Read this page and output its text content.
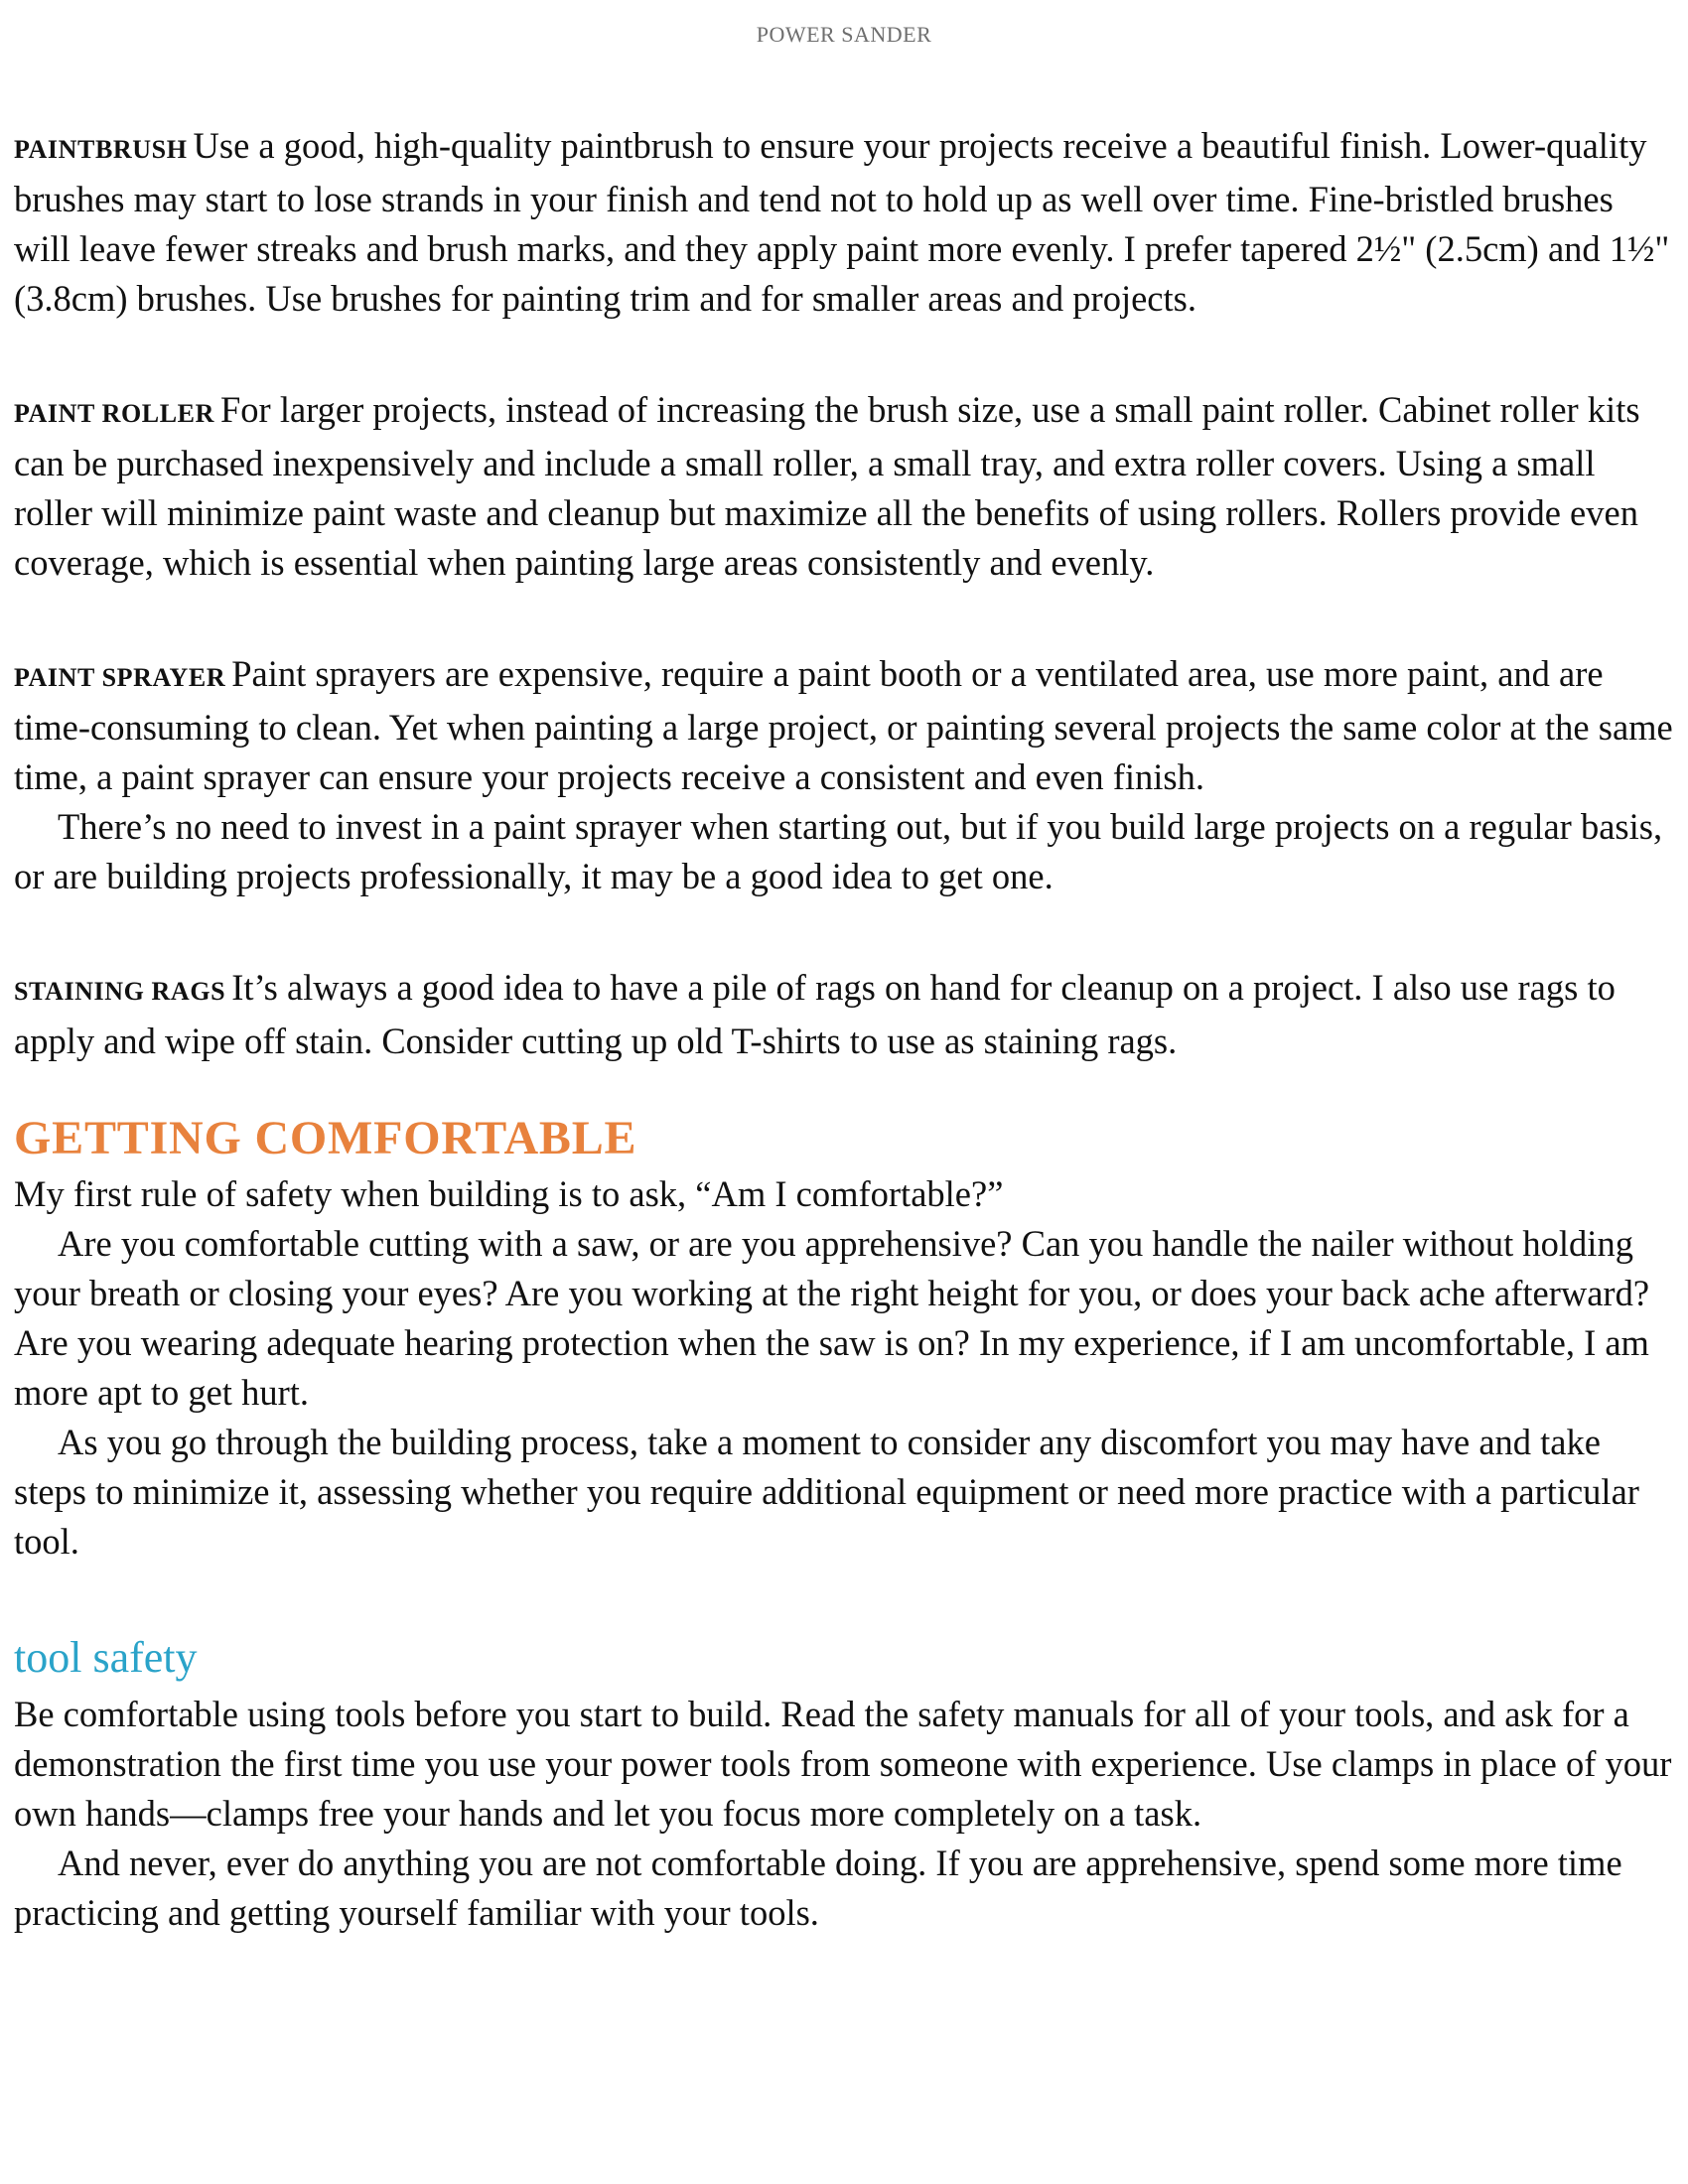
POWER SANDER

PAINTBRUSH Use a good, high-quality paintbrush to ensure your projects receive a beautiful finish. Lower-quality brushes may start to lose strands in your finish and tend not to hold up as well over time. Fine-bristled brushes will leave fewer streaks and brush marks, and they apply paint more evenly. I prefer tapered 2½" (2.5cm) and 1½" (3.8cm) brushes. Use brushes for painting trim and for smaller areas and projects.

PAINT ROLLER For larger projects, instead of increasing the brush size, use a small paint roller. Cabinet roller kits can be purchased inexpensively and include a small roller, a small tray, and extra roller covers. Using a small roller will minimize paint waste and cleanup but maximize all the benefits of using rollers. Rollers provide even coverage, which is essential when painting large areas consistently and evenly.

PAINT SPRAYER Paint sprayers are expensive, require a paint booth or a ventilated area, use more paint, and are time-consuming to clean. Yet when painting a large project, or painting several projects the same color at the same time, a paint sprayer can ensure your projects receive a consistent and even finish.

There’s no need to invest in a paint sprayer when starting out, but if you build large projects on a regular basis, or are building projects professionally, it may be a good idea to get one.

STAINING RAGS It’s always a good idea to have a pile of rags on hand for cleanup on a project. I also use rags to apply and wipe off stain. Consider cutting up old T-shirts to use as staining rags.

GETTING COMFORTABLE

My first rule of safety when building is to ask, “Am I comfortable?”

Are you comfortable cutting with a saw, or are you apprehensive? Can you handle the nailer without holding your breath or closing your eyes? Are you working at the right height for you, or does your back ache afterward? Are you wearing adequate hearing protection when the saw is on? In my experience, if I am uncomfortable, I am more apt to get hurt.

As you go through the building process, take a moment to consider any discomfort you may have and take steps to minimize it, assessing whether you require additional equipment or need more practice with a particular tool.

tool safety

Be comfortable using tools before you start to build. Read the safety manuals for all of your tools, and ask for a demonstration the first time you use your power tools from someone with experience. Use clamps in place of your own hands—clamps free your hands and let you focus more completely on a task.

And never, ever do anything you are not comfortable doing. If you are apprehensive, spend some more time practicing and getting yourself familiar with your tools.
